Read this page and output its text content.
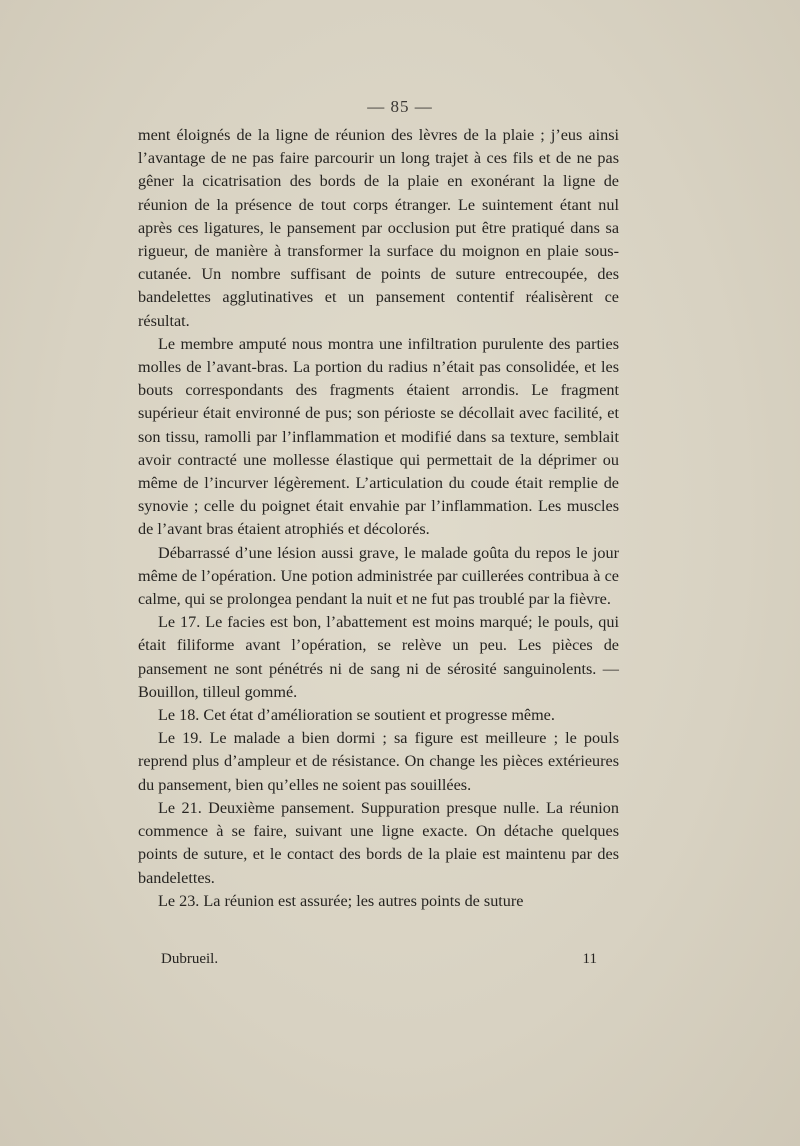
— 85 —

ment éloignés de la ligne de réunion des lèvres de la plaie ; j’eus ainsi l’avantage de ne pas faire parcourir un long trajet à ces fils et de ne pas gêner la cicatrisation des bords de la plaie en exonérant la ligne de réunion de la présence de tout corps étranger. Le suintement étant nul après ces ligatures, le pansement par occlusion put être pratiqué dans sa rigueur, de manière à transformer la surface du moignon en plaie sous-cutanée. Un nombre suffisant de points de suture entrecoupée, des bandelettes agglutinatives et un pansement contentif réalisèrent ce résultat.

Le membre amputé nous montra une infiltration purulente des parties molles de l’avant-bras. La portion du radius n’était pas consolidée, et les bouts correspondants des fragments étaient arrondis. Le fragment supérieur était environné de pus; son périoste se décollait avec facilité, et son tissu, ramolli par l’inflammation et modifié dans sa texture, semblait avoir contracté une mollesse élastique qui permettait de la déprimer ou même de l’incurver légèrement. L’articulation du coude était remplie de synovie ; celle du poignet était envahie par l’inflammation. Les muscles de l’avant bras étaient atrophiés et décolorés.

Débarrassé d’une lésion aussi grave, le malade goûta du repos le jour même de l’opération. Une potion administrée par cuillerées contribua à ce calme, qui se prolongea pendant la nuit et ne fut pas troublé par la fièvre.

Le 17. Le facies est bon, l’abattement est moins marqué; le pouls, qui était filiforme avant l’opération, se relève un peu. Les pièces de pansement ne sont pénétrés ni de sang ni de sérosité sanguinolents. — Bouillon, tilleul gommé.

Le 18. Cet état d’amélioration se soutient et progresse même.

Le 19. Le malade a bien dormi ; sa figure est meilleure ; le pouls reprend plus d’ampleur et de résistance. On change les pièces extérieures du pansement, bien qu’elles ne soient pas souillées.

Le 21. Deuxième pansement. Suppuration presque nulle. La réunion commence à se faire, suivant une ligne exacte. On détache quelques points de suture, et le contact des bords de la plaie est maintenu par des bandelettes.

Le 23. La réunion est assurée; les autres points de suture

Dubrueil.	11
